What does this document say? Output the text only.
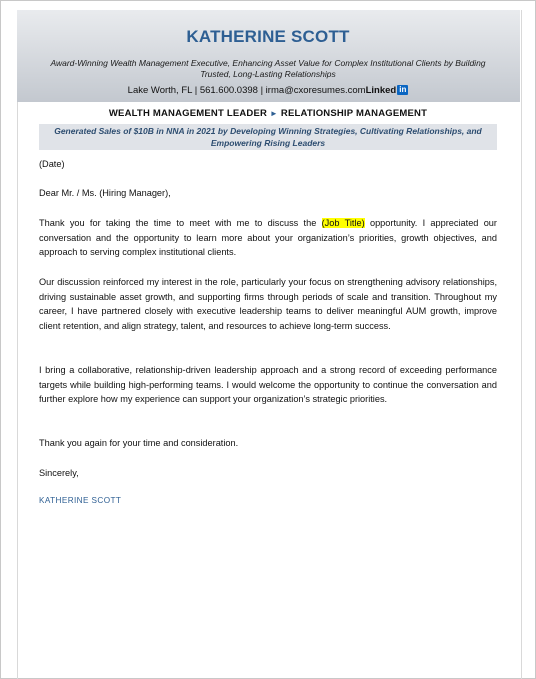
KATHERINE SCOTT
Award-Winning Wealth Management Executive, Enhancing Asset Value for Complex Institutional Clients by Building Trusted, Long-Lasting Relationships
Lake Worth, FL | 561.600.0398 | irma@cxoresumes.comLinked in
WEALTH MANAGEMENT LEADER ► RELATIONSHIP MANAGEMENT
Generated Sales of $10B in NNA in 2021 by Developing Winning Strategies, Cultivating Relationships, and Empowering Rising Leaders
(Date)
Dear Mr. / Ms. (Hiring Manager),
Thank you for taking the time to meet with me to discuss the (Job Title) opportunity. I appreciated our conversation and the opportunity to learn more about your organization’s priorities, growth objectives, and approach to serving complex institutional clients.
Our discussion reinforced my interest in the role, particularly your focus on strengthening advisory relationships, driving sustainable asset growth, and supporting firms through periods of scale and transition. Throughout my career, I have partnered closely with executive leadership teams to deliver meaningful AUM growth, improve client retention, and align strategy, talent, and resources to achieve long-term success.
I bring a collaborative, relationship-driven leadership approach and a strong record of exceeding performance targets while building high-performing teams. I would welcome the opportunity to continue the conversation and further explore how my experience can support your organization’s strategic priorities.
Thank you again for your time and consideration.
Sincerely,
KATHERINE SCOTT
